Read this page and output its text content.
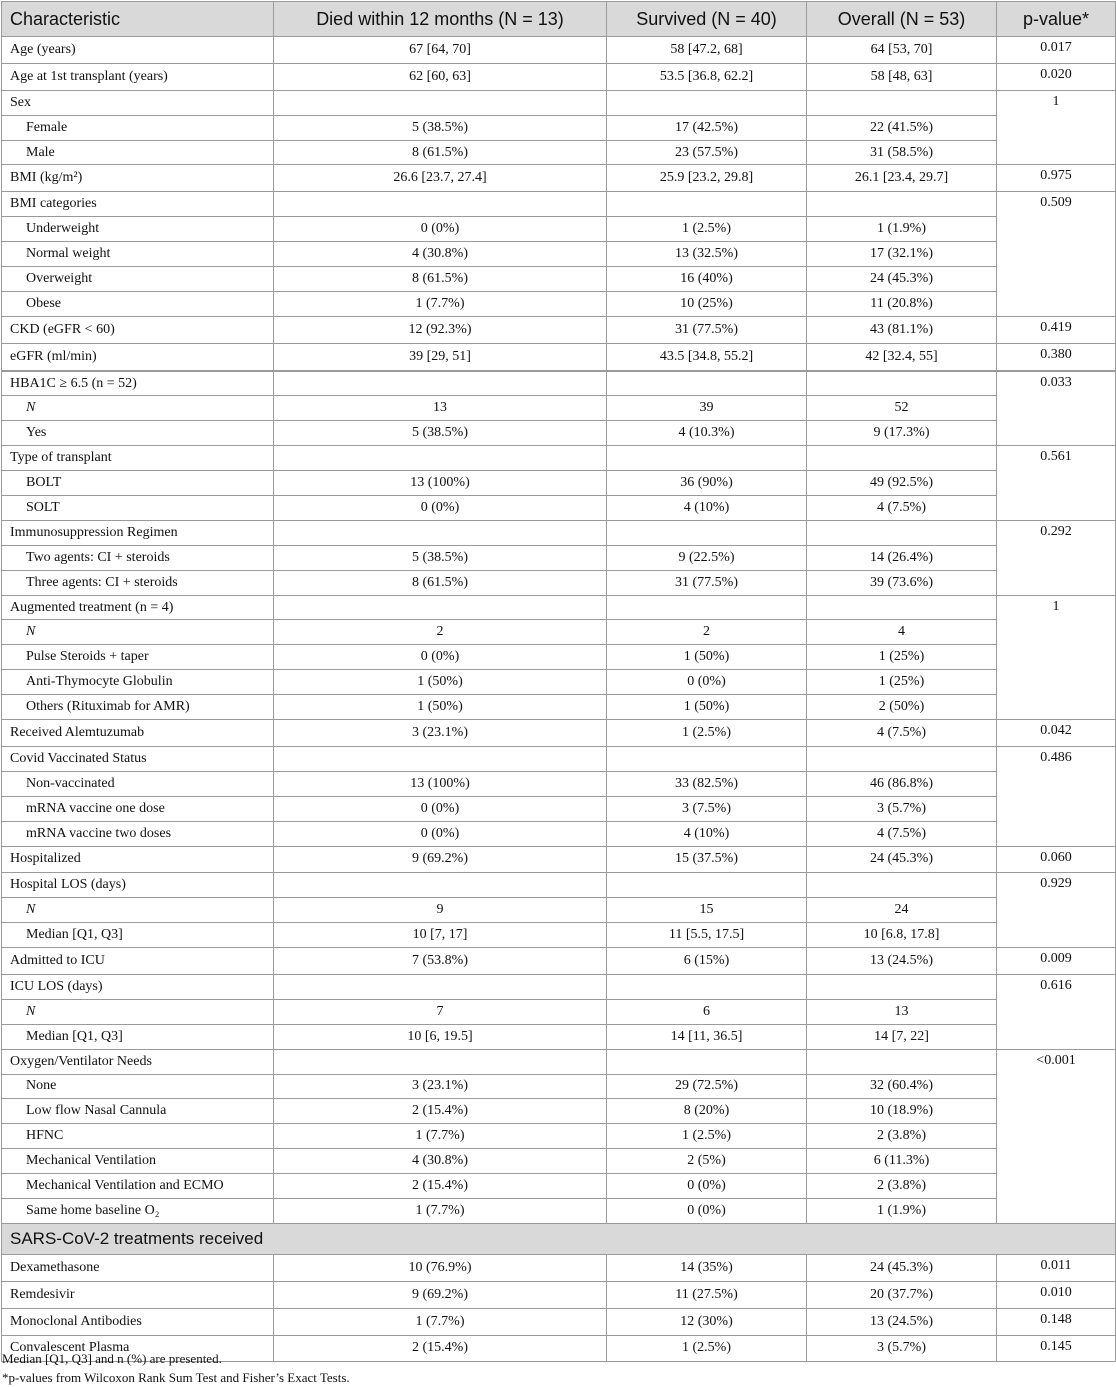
Characteristic	Died within 12 months (N = 13)	Survived (N = 40)	Overall (N = 53)	p-value*
Age (years)	67 [64, 70]	58 [47.2, 68]	64 [53, 70]	0.017
Age at 1st transplant (years)	62 [60, 63]	53.5 [36.8, 62.2]	58 [48, 63]	0.020
Sex				1
Female	5 (38.5%)	17 (42.5%)	22 (41.5%)	
Male	8 (61.5%)	23 (57.5%)	31 (58.5%)	
BMI (kg/m²)	26.6 [23.7, 27.4]	25.9 [23.2, 29.8]	26.1 [23.4, 29.7]	0.975
BMI categories				0.509
Underweight	0 (0%)	1 (2.5%)	1 (1.9%)	
Normal weight	4 (30.8%)	13 (32.5%)	17 (32.1%)	
Overweight	8 (61.5%)	16 (40%)	24 (45.3%)	
Obese	1 (7.7%)	10 (25%)	11 (20.8%)	
CKD (eGFR < 60)	12 (92.3%)	31 (77.5%)	43 (81.1%)	0.419
eGFR (ml/min)	39 [29, 51]	43.5 [34.8, 55.2]	42 [32.4, 55]	0.380
HBA1C ≥ 6.5 (n = 52)				0.033
N	13	39	52	
Yes	5 (38.5%)	4 (10.3%)	9 (17.3%)	
Type of transplant				0.561
BOLT	13 (100%)	36 (90%)	49 (92.5%)	
SOLT	0 (0%)	4 (10%)	4 (7.5%)	
Immunosuppression Regimen				0.292
Two agents: CI + steroids	5 (38.5%)	9 (22.5%)	14 (26.4%)	
Three agents: CI + steroids	8 (61.5%)	31 (77.5%)	39 (73.6%)	
Augmented treatment (n = 4)				1
N	2	2	4	
Pulse Steroids + taper	0 (0%)	1 (50%)	1 (25%)	
Anti-Thymocyte Globulin	1 (50%)	0 (0%)	1 (25%)	
Others (Rituximab for AMR)	1 (50%)	1 (50%)	2 (50%)	
Received Alemtuzumab	3 (23.1%)	1 (2.5%)	4 (7.5%)	0.042
Covid Vaccinated Status				0.486
Non-vaccinated	13 (100%)	33 (82.5%)	46 (86.8%)	
mRNA vaccine one dose	0 (0%)	3 (7.5%)	3 (5.7%)	
mRNA vaccine two doses	0 (0%)	4 (10%)	4 (7.5%)	
Hospitalized	9 (69.2%)	15 (37.5%)	24 (45.3%)	0.060
Hospital LOS (days)				0.929
N	9	15	24	
Median [Q1, Q3]	10 [7, 17]	11 [5.5, 17.5]	10 [6.8, 17.8]	
Admitted to ICU	7 (53.8%)	6 (15%)	13 (24.5%)	0.009
ICU LOS (days)				0.616
N	7	6	13	
Median [Q1, Q3]	10 [6, 19.5]	14 [11, 36.5]	14 [7, 22]	
Oxygen/Ventilator Needs				<0.001
None	3 (23.1%)	29 (72.5%)	32 (60.4%)	
Low flow Nasal Cannula	2 (15.4%)	8 (20%)	10 (18.9%)	
HFNC	1 (7.7%)	1 (2.5%)	2 (3.8%)	
Mechanical Ventilation	4 (30.8%)	2 (5%)	6 (11.3%)	
Mechanical Ventilation and ECMO	2 (15.4%)	0 (0%)	2 (3.8%)	
Same home baseline O₂	1 (7.7%)	0 (0%)	1 (1.9%)	
SARS-CoV-2 treatments received				
Dexamethasone	10 (76.9%)	14 (35%)	24 (45.3%)	0.011
Remdesivir	9 (69.2%)	11 (27.5%)	20 (37.7%)	0.010
Monoclonal Antibodies	1 (7.7%)	12 (30%)	13 (24.5%)	0.148
Convalescent Plasma	2 (15.4%)	1 (2.5%)	3 (5.7%)	0.145
Median [Q1, Q3] and n (%) are presented.
*p-values from Wilcoxon Rank Sum Test and Fisher’s Exact Tests.
